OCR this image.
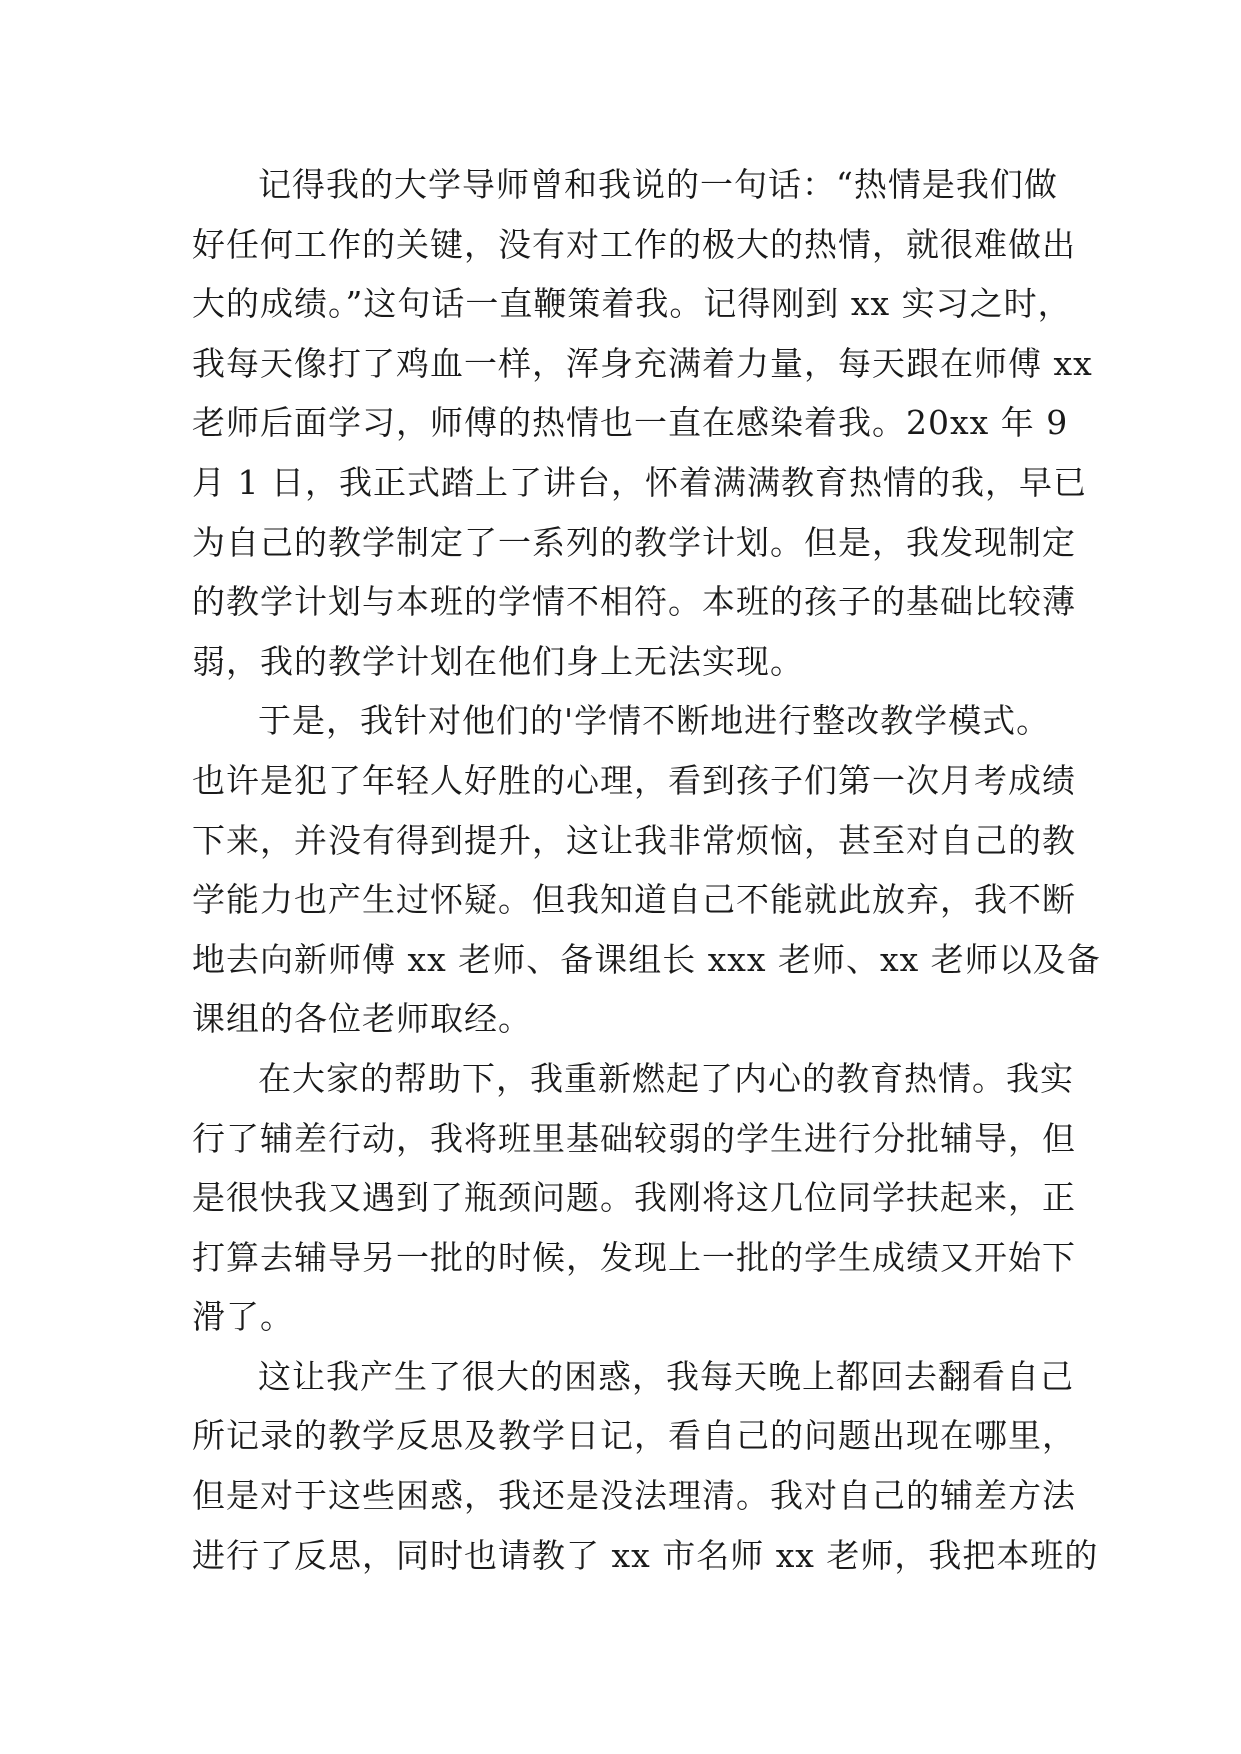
记得我的大学导师曾和我说的一句话：“热情是我们做
好任何工作的关键，没有对工作的极大的热情，就很难做出
大的成绩。”这句话一直鞭策着我。记得刚到 xx 实习之时，
我每天像打了鸡血一样，浑身充满着力量，每天跟在师傅 xx
老师后面学习，师傅的热情也一直在感染着我。20xx 年 9
月 1 日，我正式踏上了讲台，怀着满满教育热情的我，早已
为自己的教学制定了一系列的教学计划。但是，我发现制定
的教学计划与本班的学情不相符。本班的孩子的基础比较薄
弱，我的教学计划在他们身上无法实现。

于是，我针对他们的'学情不断地进行整改教学模式。
也许是犯了年轻人好胜的心理，看到孩子们第一次月考成绩
下来，并没有得到提升，这让我非常烦恼，甚至对自己的教
学能力也产生过怀疑。但我知道自己不能就此放弃，我不断
地去向新师傅 xx 老师、备课组长 xxx 老师、xx 老师以及备
课组的各位老师取经。

在大家的帮助下，我重新燃起了内心的教育热情。我实
行了辅差行动，我将班里基础较弱的学生进行分批辅导，但
是很快我又遇到了瓶颈问题。我刚将这几位同学扶起来，正
打算去辅导另一批的时候，发现上一批的学生成绩又开始下
滑了。

这让我产生了很大的困惑，我每天晚上都回去翻看自己
所记录的教学反思及教学日记，看自己的问题出现在哪里，
但是对于这些困惑，我还是没法理清。我对自己的辅差方法
进行了反思，同时也请教了 xx 市名师 xx 老师，我把本班的
